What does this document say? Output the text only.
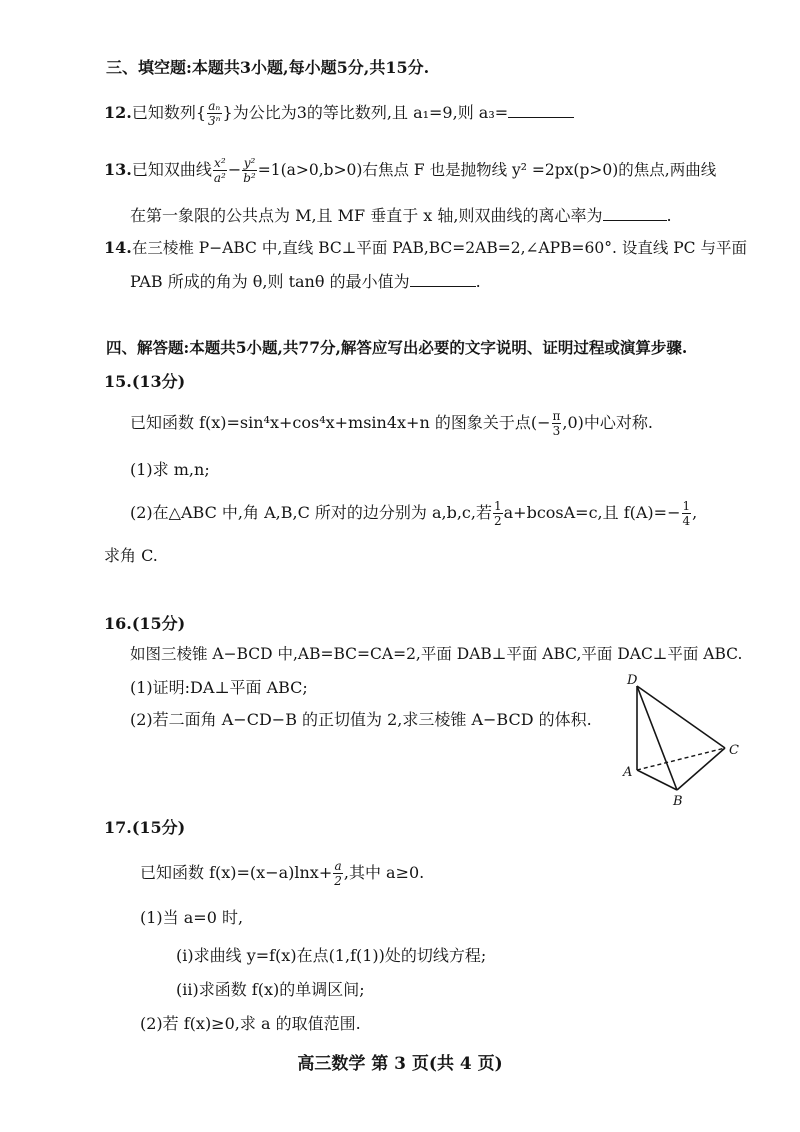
三、填空题:本题共3小题,每小题5分,共15分.
12.已知数列{ $\frac{\text{aₙ}}{\text{3ⁿ}}$ }为公比为3的等比数列,且 a₁=9,则 a₃=
13.已知双曲线 $\frac{\text{x²}}{\text{a²}} - \frac{\text{y²}}{\text{b²}} =1(a>0,b>0)$右焦点 F 也是抛物线 y² =2px(p>0)的焦点,两曲线
在第一象限的公共点为 M,且 MF 垂直于 x 轴,则双曲线的离心率为	.
14.在三棱椎 P−ABC 中,直线 BC⊥平面 PAB,BC=2AB=2,∠APB=60°. 设直线 PC 与平面
PAB 所成的角为 θ,则 tanθ 的最小值为	.
四、解答题:本题共5小题,共77分,解答应写出必要的文字说明、证明过程或演算步骤.
15.(13分)
已知函数 f(x)=sin⁴x+cos⁴x+msin4x+n 的图象关于点(− $\frac{\pi}{3} ,0$)中心对称.
(1)求 m,n;
(2)在△ABC 中,角 A,B,C 所对的边分别为 a,b,c,若 $\frac{1}{2} a+bcosA=c$,且 $f(A)=- \frac{1}{4}$ ,
求角 C.
16.(15分)
如图三棱锥 A−BCD 中,AB=BC=CA=2,平面 DAB⊥平面 ABC,平面 DAC⊥平面 ABC.
(1)证明:DA⊥平面 ABC;
(2)若二面角 A−CD−B 的正切值为 2,求三棱锥 A−BCD 的体积.
D
A
B
C
17.(15分)
已知函数 $f(x)=(x-a)\ln x+ \frac{a}{2}$ ,其中 a≥0.
(1)当 a=0 时,
(i)求曲线 y=f(x)在点(1,f(1))处的切线方程;
(ii)求函数 f(x)的单调区间;
(2)若 f(x)≥0,求 a 的取值范围.
高三数学 第 3 页(共 4 页)
